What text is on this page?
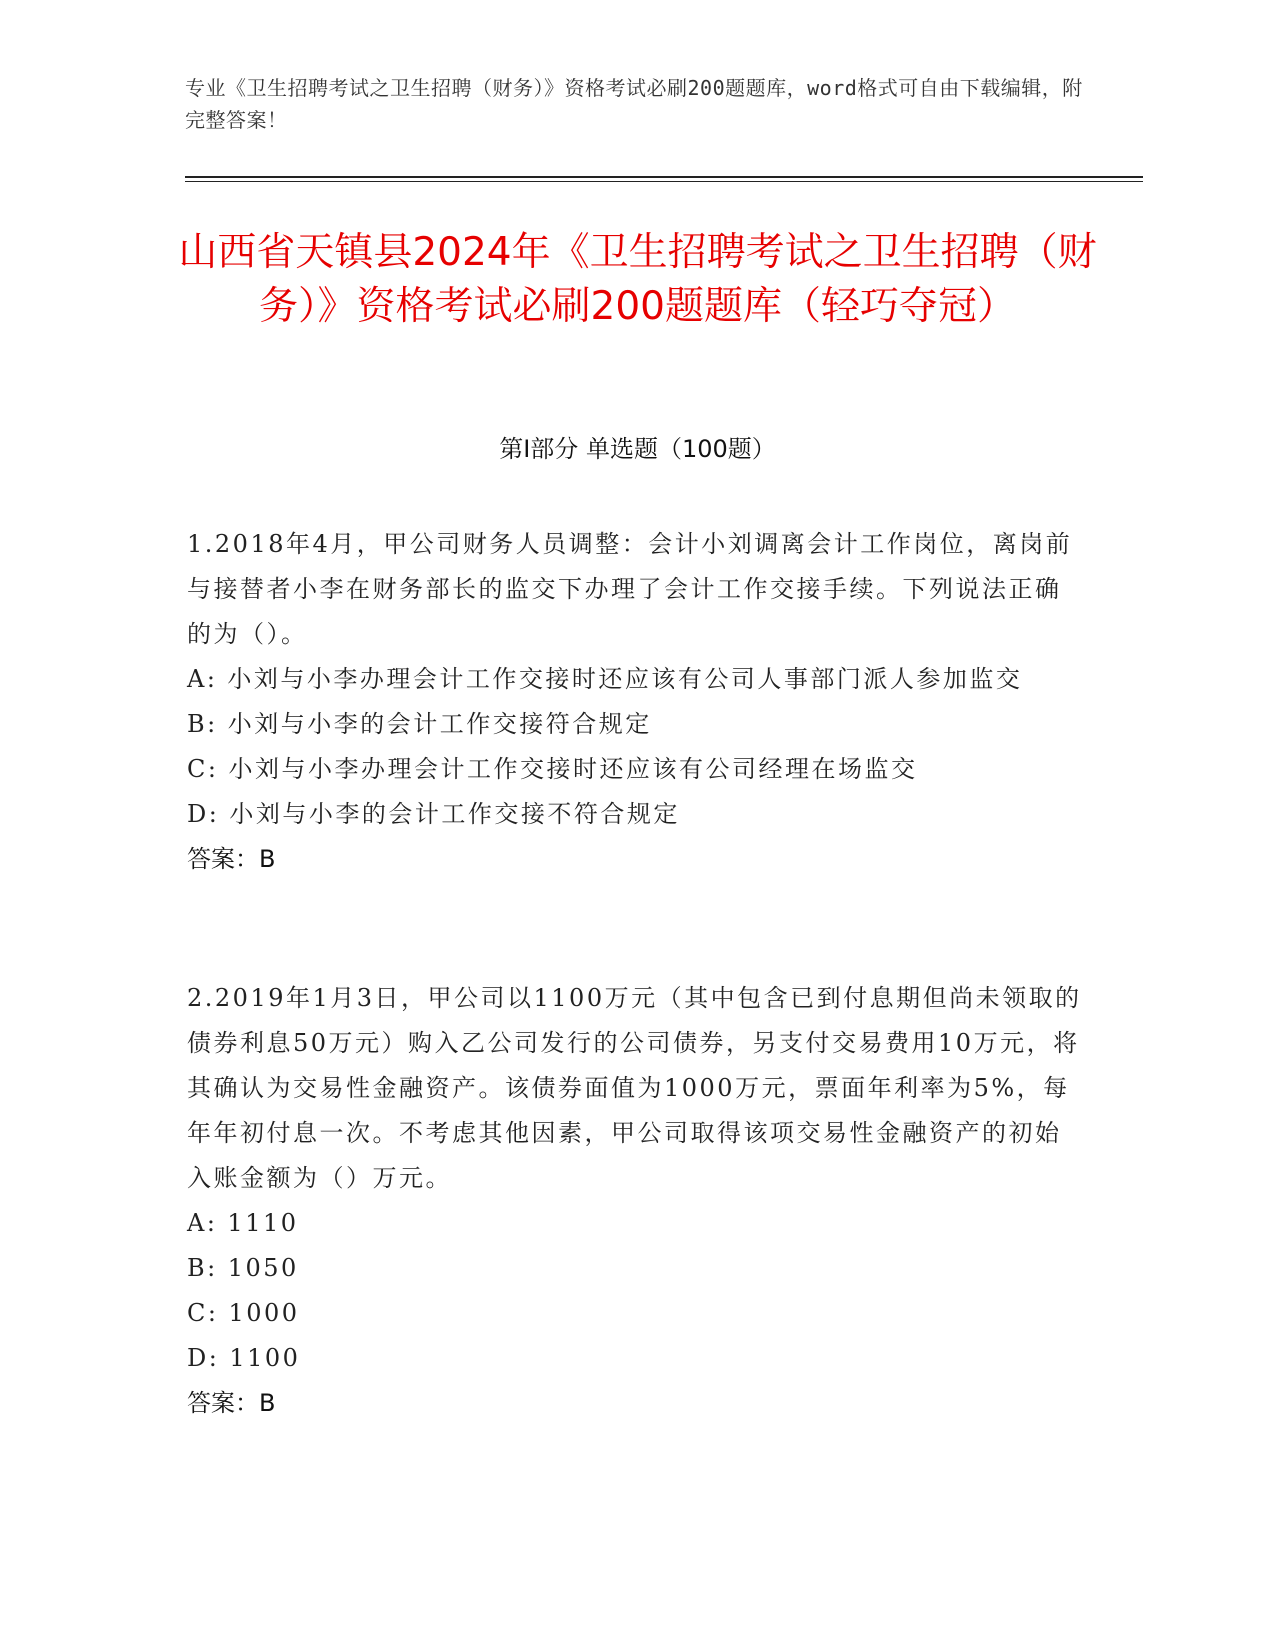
专业《卫生招聘考试之卫生招聘（财务）》资格考试必刷200题题库，word格式可自由下载编辑，附完整答案！
山西省天镇县2024年《卫生招聘考试之卫生招聘（财务）》资格考试必刷200题题库（轻巧夺冠）
第I部分 单选题（100题）
1.2018年4月，甲公司财务人员调整：会计小刘调离会计工作岗位，离岗前与接替者小李在财务部长的监交下办理了会计工作交接手续。下列说法正确的为（）。
A: 小刘与小李办理会计工作交接时还应该有公司人事部门派人参加监交
B: 小刘与小李的会计工作交接符合规定
C: 小刘与小李办理会计工作交接时还应该有公司经理在场监交
D: 小刘与小李的会计工作交接不符合规定
答案：B
2.2019年1月3日，甲公司以1100万元（其中包含已到付息期但尚未领取的债券利息50万元）购入乙公司发行的公司债券，另支付交易费用10万元，将其确认为交易性金融资产。该债券面值为1000万元，票面年利率为5%，每年年初付息一次。不考虑其他因素，甲公司取得该项交易性金融资产的初始入账金额为（）万元。
A: 1110
B: 1050
C: 1000
D: 1100
答案：B
